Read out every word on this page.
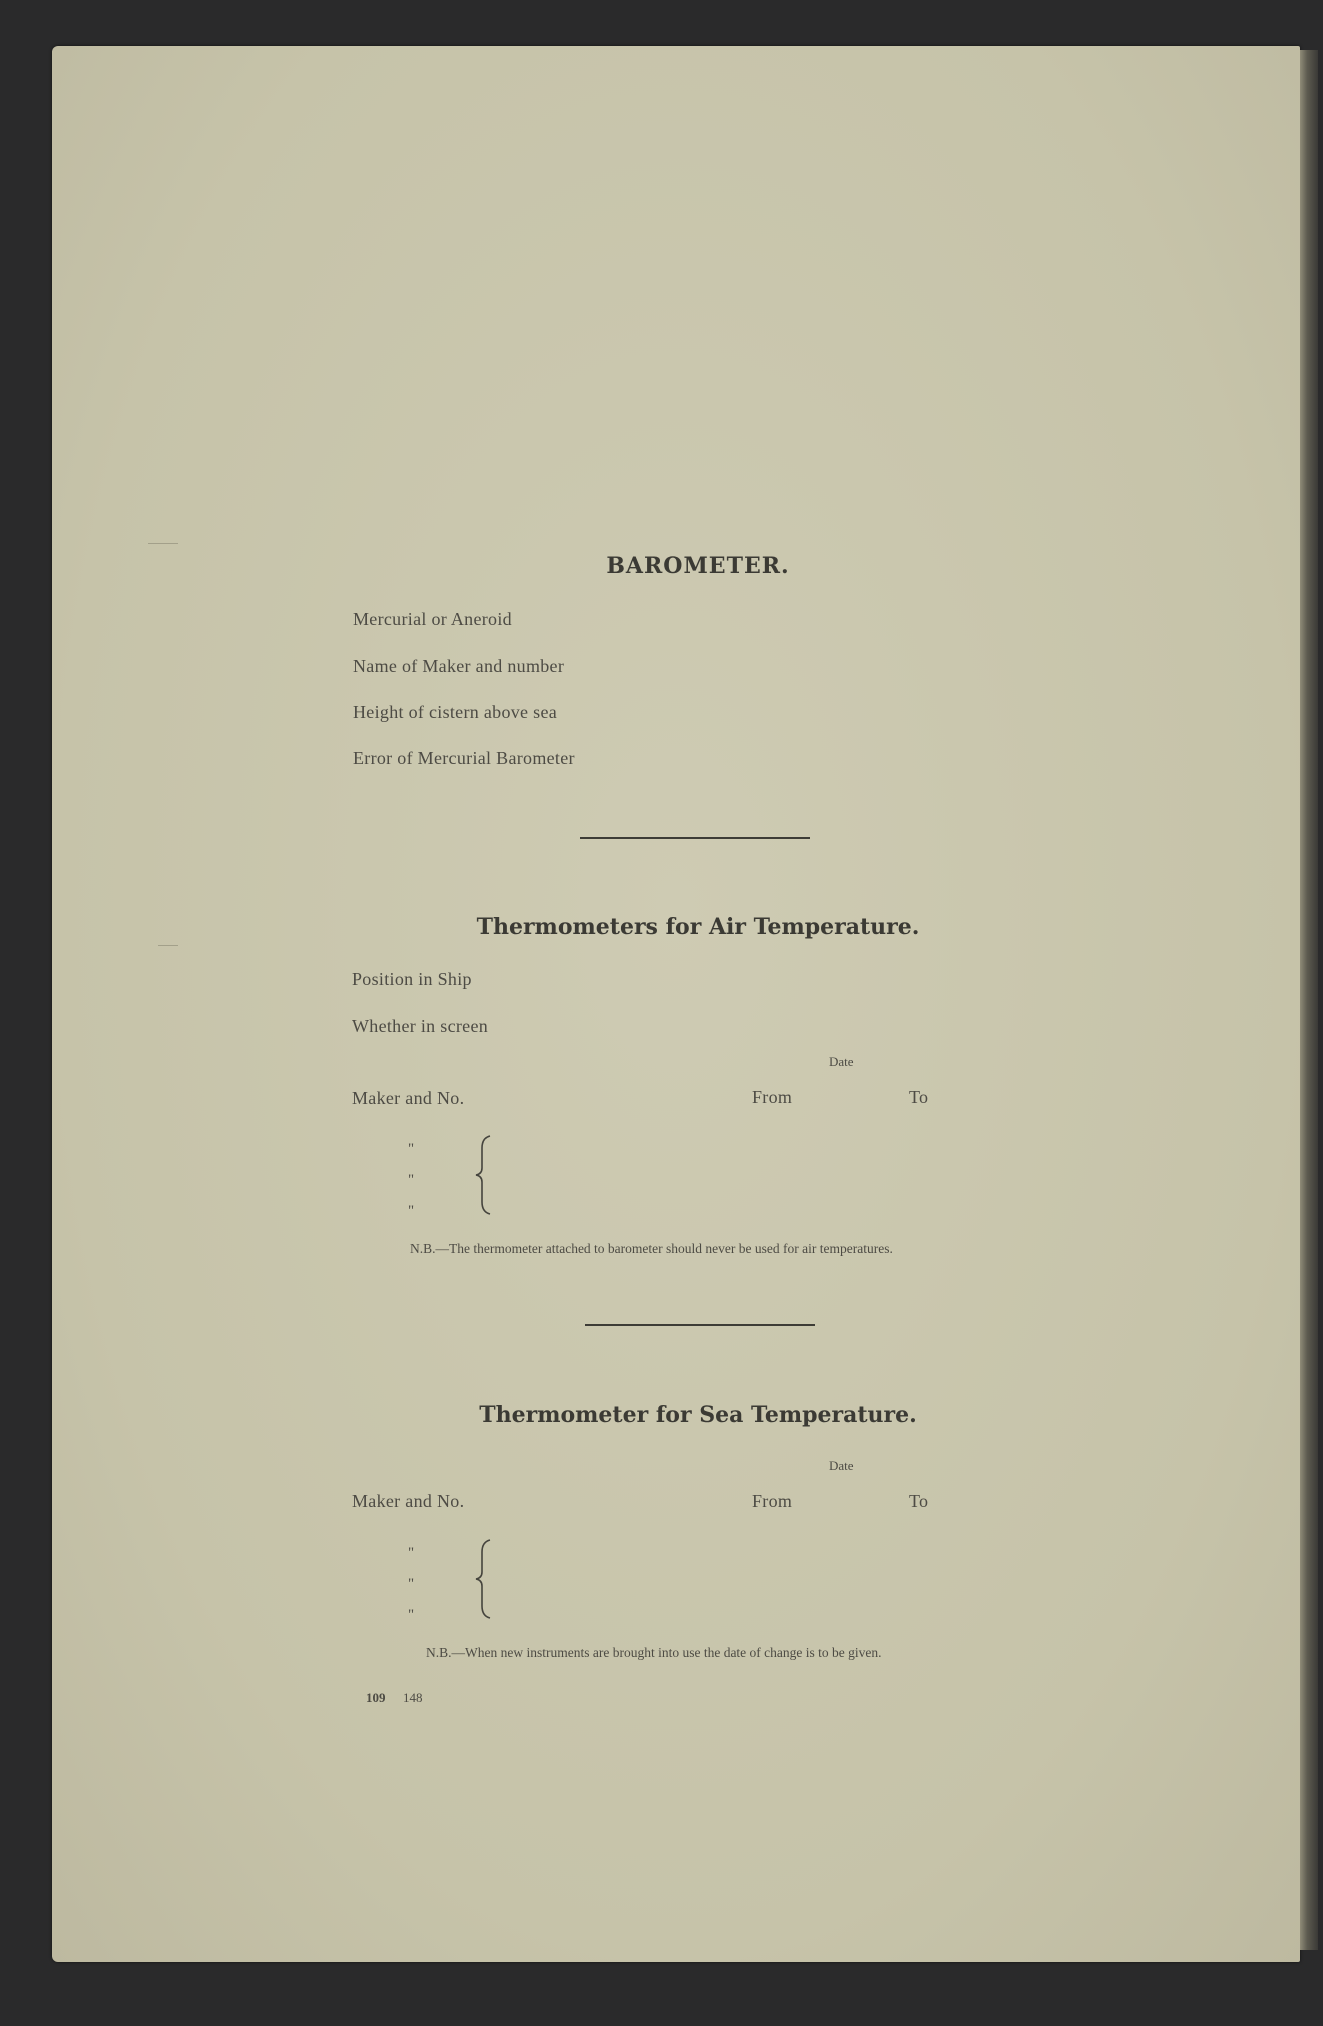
BAROMETER.
Mercurial or Aneroid
Name of Maker and number
Height of cistern above sea
Error of Mercurial Barometer
Thermometers for Air Temperature.
Position in Ship
Whether in screen
Date
Maker and No.	From	To
"
"
"
N.B.—The thermometer attached to barometer should never be used for air temperatures.
Thermometer for Sea Temperature.
Date
Maker and No.	From	To
"
"
"
N.B.—When new instruments are brought into use the date of change is to be given.
109 148
